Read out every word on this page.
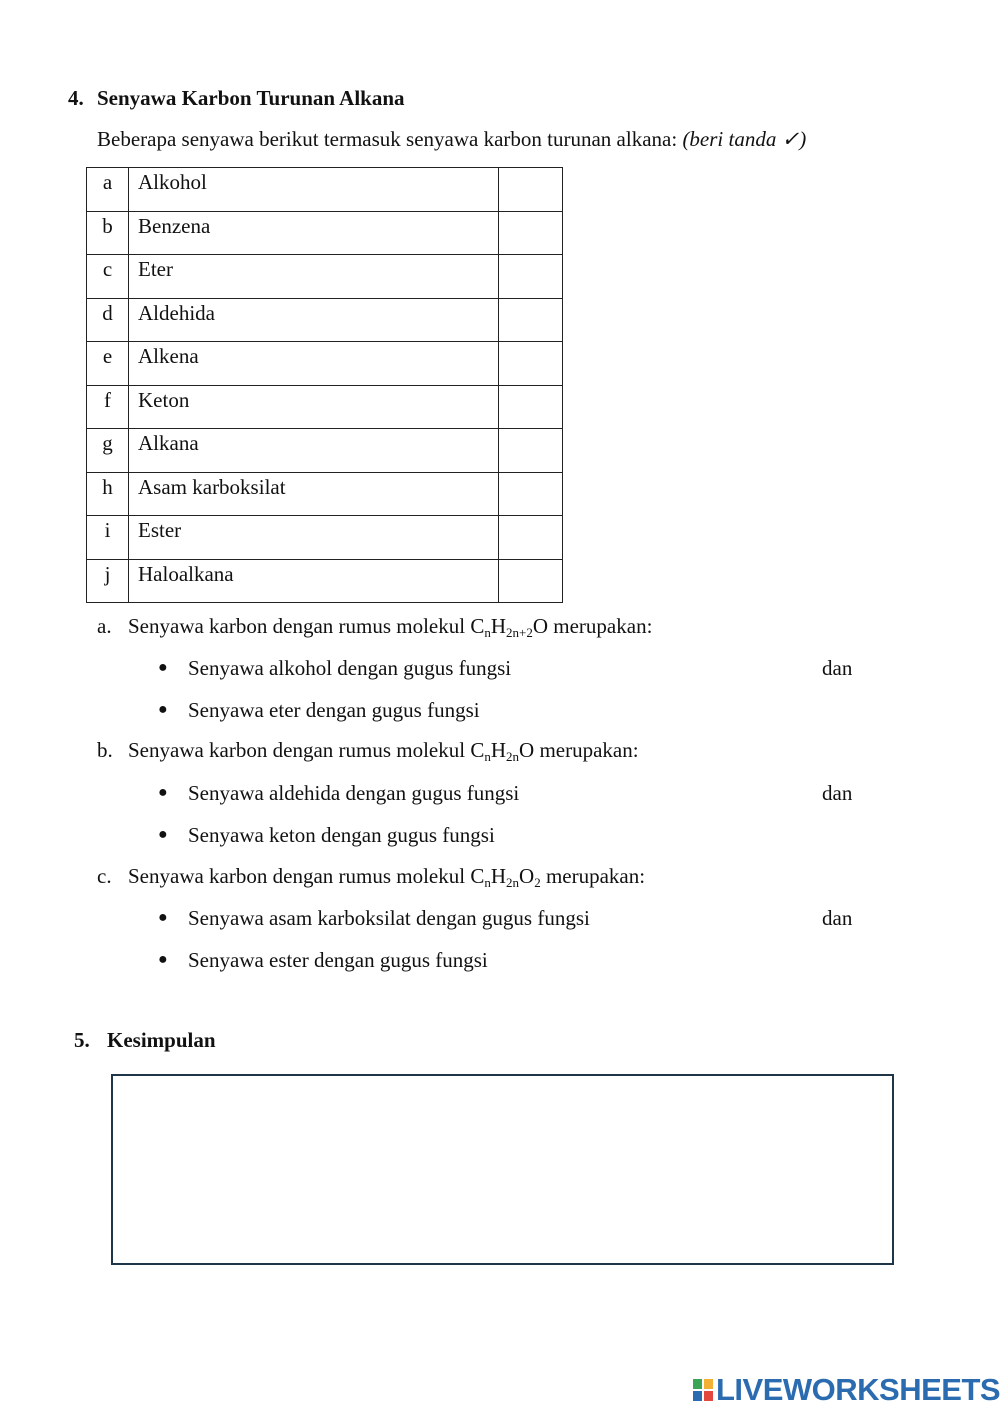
4. Senyawa Karbon Turunan Alkana
Beberapa senyawa berikut termasuk senyawa karbon turunan alkana: (beri tanda ✓)
a	Alkohol	
b	Benzena	
c	Eter	
d	Aldehida	
e	Alkena	
f	Keton	
g	Alkana	
h	Asam karboksilat	
i	Ester	
j	Haloalkana	
a. Senyawa karbon dengan rumus molekul $C_nH_{2n+2}O$ merupakan:
● Senyawa alkohol dengan gugus fungsi	dan
● Senyawa eter dengan gugus fungsi
b. Senyawa karbon dengan rumus molekul $C_nH_{2n}O$ merupakan:
● Senyawa aldehida dengan gugus fungsi	dan
● Senyawa keton dengan gugus fungsi
c. Senyawa karbon dengan rumus molekul $C_nH_{2n}O_2$ merupakan:
● Senyawa asam karboksilat dengan gugus fungsi	dan
● Senyawa ester dengan gugus fungsi
5. Kesimpulan
LIVEWORKSHEETS
